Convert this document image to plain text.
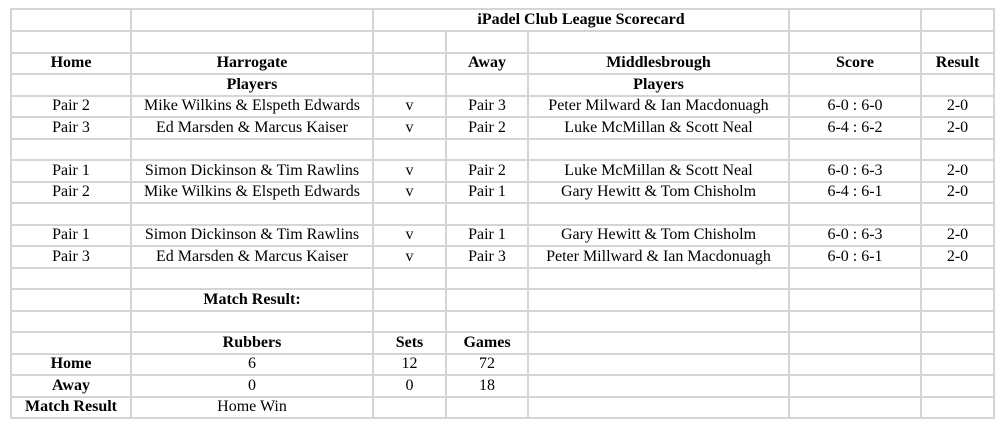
		iPadel Club League Scorecard				

Home	Harrogate		Away	Middlesbrough	Score	Result
	Players			Players		
Pair 2	Mike Wilkins & Elspeth Edwards	v	Pair 3	Peter Milward & Ian Macdonuagh	6-0 : 6-0	2-0
Pair 3	Ed Marsden & Marcus Kaiser	v	Pair 2	Luke McMillan & Scott Neal	6-4 : 6-2	2-0

Pair 1	Simon Dickinson & Tim Rawlins	v	Pair 2	Luke McMillan & Scott Neal	6-0 : 6-3	2-0
Pair 2	Mike Wilkins & Elspeth Edwards	v	Pair 1	Gary Hewitt & Tom Chisholm	6-4 : 6-1	2-0

Pair 1	Simon Dickinson & Tim Rawlins	v	Pair 1	Gary Hewitt & Tom Chisholm	6-0 : 6-3	2-0
Pair 3	Ed Marsden & Marcus Kaiser	v	Pair 3	Peter Millward & Ian Macdonuagh	6-0 : 6-1	2-0

	Match Result:					

	Rubbers	Sets	Games			
Home	6	12	72			
Away	0	0	18			
Match Result	Home Win					
